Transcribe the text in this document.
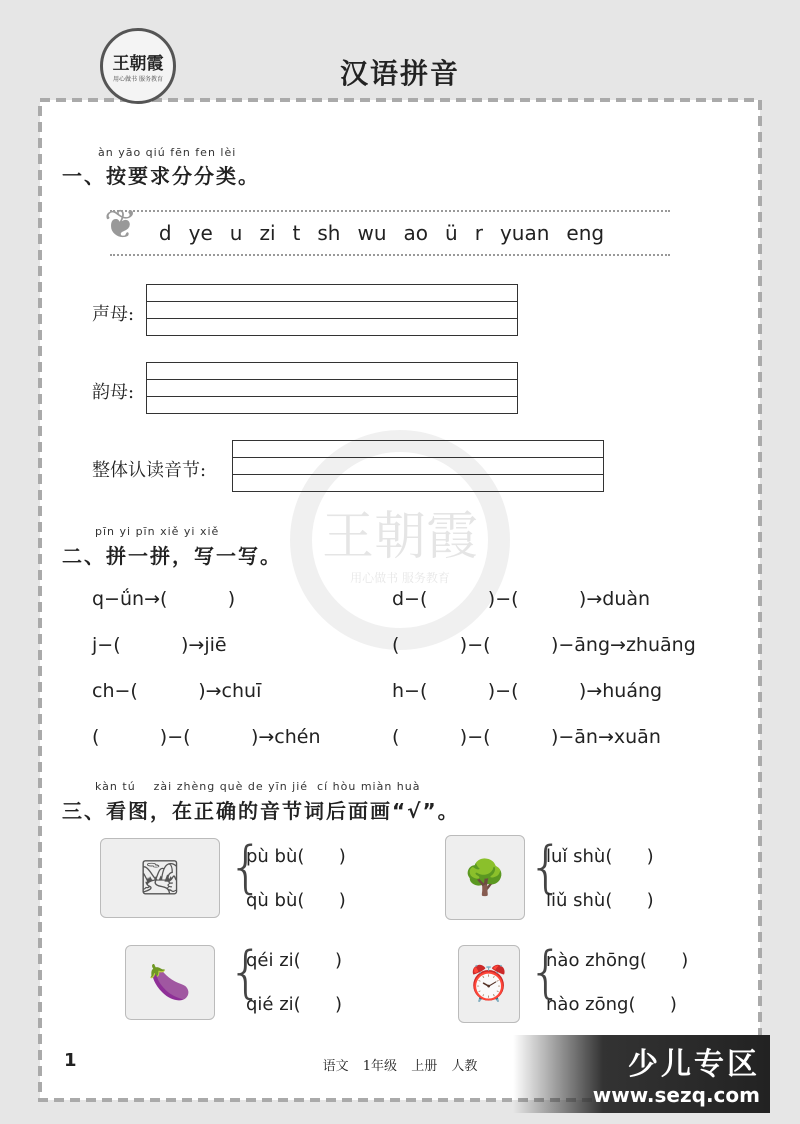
王朝霞
用心做书 服务教育	汉语拼音
àn yāo qiú fēn fen lèi
一、按要求分分类。
❦ d ye u zi t sh wu ao ü r yuan eng
声母:
韵母:
整体认读音节:
pīn yi pīn xiě yi xiě
二、拼一拼，写一写。
q−ǘn→(          )	d−(          )−(          )→duàn
j−(          )→jiē	(          )−(          )−āng→zhuāng
ch−(          )→chuī	h−(          )−(          )→huáng
(          )−(          )→chén	(          )−(          )−ān→xuān
kàn tú    zài zhèng què de yīn jié  cí hòu miàn huà
三、看图，在正确的音节词后面画“√”。
🏞 {
pù bù(      )
qù bù(      )
🌳 {
luǐ shù(      )
liǔ shù(      )
🍆 {
qéi zi(      )
qié zi(      )
⏰ {
nào zhōng(      )
nào zōng(      )
1	语文 1年级 上册 人教	少儿专区
www.sezq.com
